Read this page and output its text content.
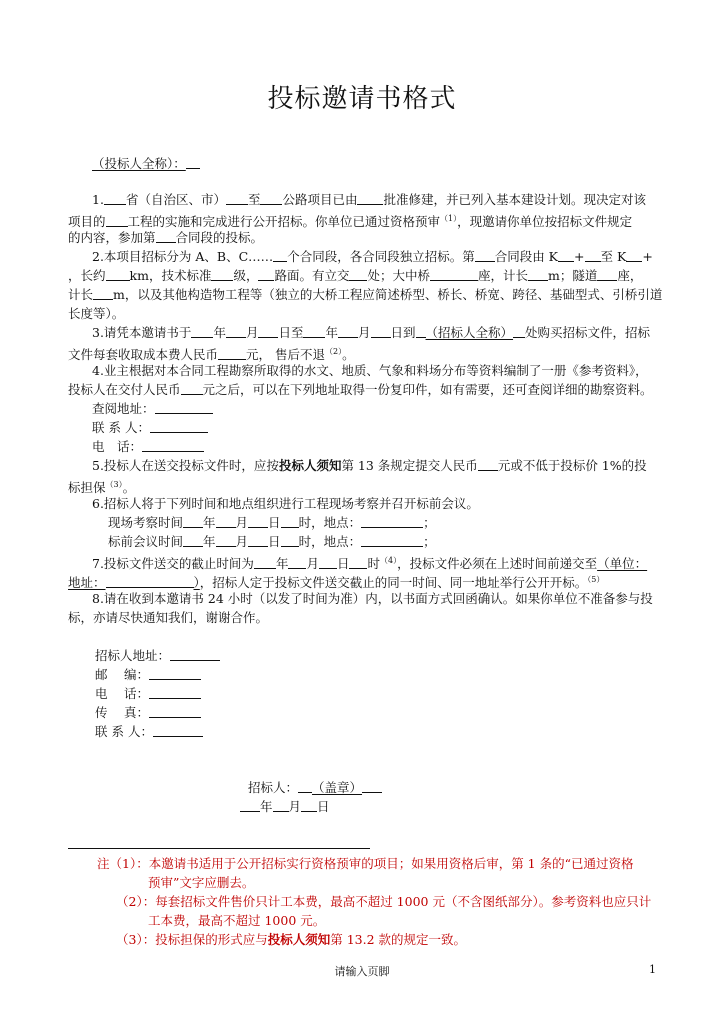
投标邀请书格式
（投标人全称）：
1. 省（自治区、市） 至 公路项目已由 批准修建，并已列入基本建设计划。现决定对该
项目的 工程的实施和完成进行公开招标。你单位已通过资格预审$^{(1)}$，现邀请你单位按招标文件规定
的内容，参加第 合同段的投标。
2.本项目招标分为 A、B、C…… 个合同段，各合同段独立招标。第 合同段由 K + 至 K +
，长约 km，技术标准 级， 路面。有立交 处；大中桥	座，计长 m；隧道 座，
计长 m，以及其他构造物工程等（独立的大桥工程应简述桥型、桥长、桥宽、跨径、基础型式、引桥引道
长度等）。
3.请凭本邀请书于 年 月 日至 年 月 日到 （招标人全称） 处购买招标文件，招标
文件每套收取成本费人民币 元， 售后不退$^{(2)}$。
4.业主根据对本合同工程勘察所取得的水文、地质、气象和料场分布等资料编制了一册《参考资料》，
投标人在交付人民币 元之后，可以在下列地址取得一份复印件，如有需要，还可查阅详细的勘察资料。
查阅地址：
联 系 人：
电　话：
5.投标人在送交投标文件时，应按投标人须知第 13 条规定提交人民币 元或不低于投标价 1%的投
标担保$^{(3)}$。
6.招标人将于下列时间和地点组织进行工程现场考察并召开标前会议。
现场考察时间 年 月 日 时，地点：	；
标前会议时间 年 月 日 时，地点：	；
7.投标文件送交的截止时间为 年 月 日 时$^{(4)}$，投标文件必须在上述时间前递交至（单位：
地址：	），招标人定于投标文件送交截止的同一时间、同一地址举行公开开标。$^{(5)}$
8.请在收到本邀请书 24 小时（以发了时间为准）内，以书面方式回函确认。如果你单位不准备参与投
标，亦请尽快通知我们，谢谢合作。
招标人地址：
邮　 编：
电　 话：
传　 真：
联 系 人：
招标人： （盖章）
年 月 日
注（1）：本邀请书适用于公开招标实行资格预审的项目；如果用资格后审，第 1 条的“已通过资格
预审”文字应删去。
（2）：每套招标文件售价只计工本费，最高不超过 1000 元（不含图纸部分）。参考资料也应只计
工本费，最高不超过 1000 元。
（3）：投标担保的形式应与投标人须知第 13.2 款的规定一致。
请输入页脚	1
